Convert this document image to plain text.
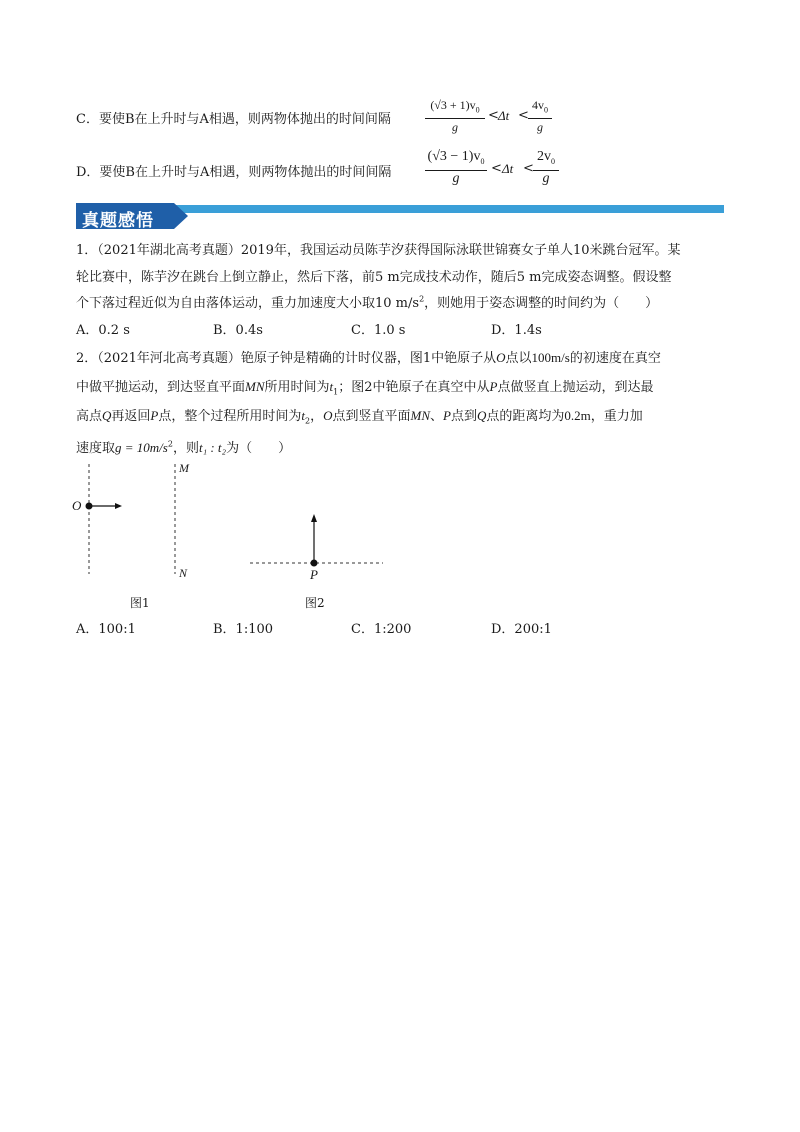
C．要使B在上升时与A相遇，则两物体抛出的时间间隔	$\frac{(√3 + 1)v_0}{g} < \Delta t < \frac{4v_0}{g}$
D．要使B在上升时与A相遇，则两物体抛出的时间间隔 $\frac{(√3 - 1)v_0}{g} < \Delta t < \frac{2v_0}{g}$
真题感悟
1．（2021年湖北高考真题）2019年，我国运动员陈芋汐获得国际泳联世锦赛女子单人10米跳台冠军。某
轮比赛中，陈芋汐在跳台上倒立静止，然后下落，前5 m完成技术动作，随后5 m完成姿态调整。假设整
个下落过程近似为自由落体运动，重力加速度大小取10 $m/s^2$，则她用于姿态调整的时间约为（　　）
A．0.2 s	B．0.4s	C．1.0 s	D．1.4s
2．（2021年河北高考真题）铯原子钟是精确的计时仪器，图1中铯原子从O点以100m/s的初速度在真空
中做平抛运动，到达竖直平面MN所用时间为$t_1$；图2中铯原子在真空中从P点做竖直上抛运动，到达最
高点Q再返回P点，整个过程所用时间为$t_2$，O点到竖直平面MN、P点到Q点的距离均为0.2m，重力加
速度取$g = 10m/s^2$，则t₁ : t₂为（　　）
O
M
N
图1
P
图2
A．100:1	B．1:100	C．1:200	D．200:1
